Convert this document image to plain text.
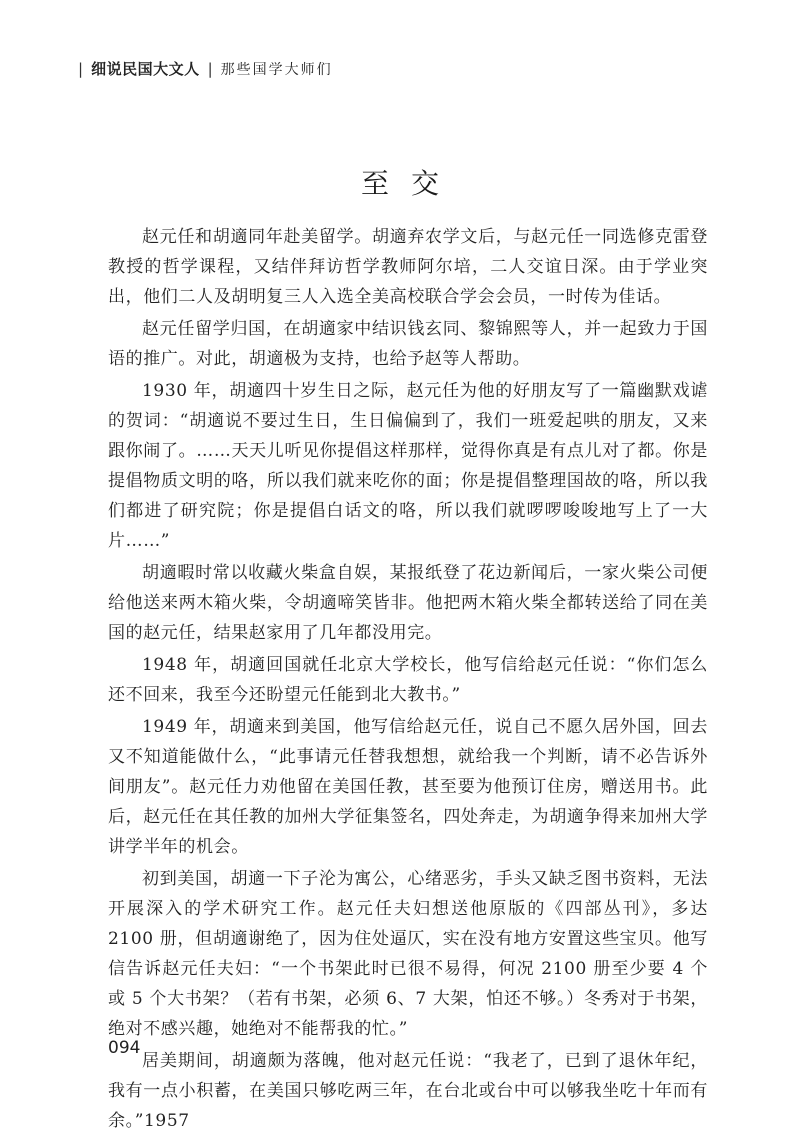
| 细说民国大文人 | 那些国学大师们
至交

赵元任和胡適同年赴美留学。胡適弃农学文后，与赵元任一同选修克雷登教授的哲学课程，又结伴拜访哲学教师阿尔培，二人交谊日深。由于学业突出，他们二人及胡明复三人入选全美高校联合学会会员，一时传为佳话。

赵元任留学归国，在胡適家中结识钱玄同、黎锦熙等人，并一起致力于国语的推广。对此，胡適极为支持，也给予赵等人帮助。

1930 年，胡適四十岁生日之际，赵元任为他的好朋友写了一篇幽默戏谑的贺词：“胡適说不要过生日，生日偏偏到了，我们一班爱起哄的朋友，又来跟你闹了。……天天儿听见你提倡这样那样，觉得你真是有点儿对了都。你是提倡物质文明的咯，所以我们就来吃你的面；你是提倡整理国故的咯，所以我们都进了研究院；你是提倡白话文的咯，所以我们就啰啰唆唆地写上了一大片……”

胡適暇时常以收藏火柴盒自娱，某报纸登了花边新闻后，一家火柴公司便给他送来两木箱火柴，令胡適啼笑皆非。他把两木箱火柴全都转送给了同在美国的赵元任，结果赵家用了几年都没用完。

1948 年，胡適回国就任北京大学校长，他写信给赵元任说：“你们怎么还不回来，我至今还盼望元任能到北大教书。”

1949 年，胡適来到美国，他写信给赵元任，说自己不愿久居外国，回去又不知道能做什么，“此事请元任替我想想，就给我一个判断，请不必告诉外间朋友”。赵元任力劝他留在美国任教，甚至要为他预订住房，赠送用书。此后，赵元任在其任教的加州大学征集签名，四处奔走，为胡適争得来加州大学讲学半年的机会。

初到美国，胡適一下子沦为寓公，心绪恶劣，手头又缺乏图书资料，无法开展深入的学术研究工作。赵元任夫妇想送他原版的《四部丛刊》，多达 2100 册，但胡適谢绝了，因为住处逼仄，实在没有地方安置这些宝贝。他写信告诉赵元任夫妇：“一个书架此时已很不易得，何况 2100 册至少要 4 个或 5 个大书架？（若有书架，必须 6、7 大架，怕还不够。）冬秀对于书架，绝对不感兴趣，她绝对不能帮我的忙。”

居美期间，胡適颇为落魄，他对赵元任说：“我老了，已到了退休年纪，我有一点小积蓄，在美国只够吃两三年，在台北或台中可以够我坐吃十年而有余。”1957

094
